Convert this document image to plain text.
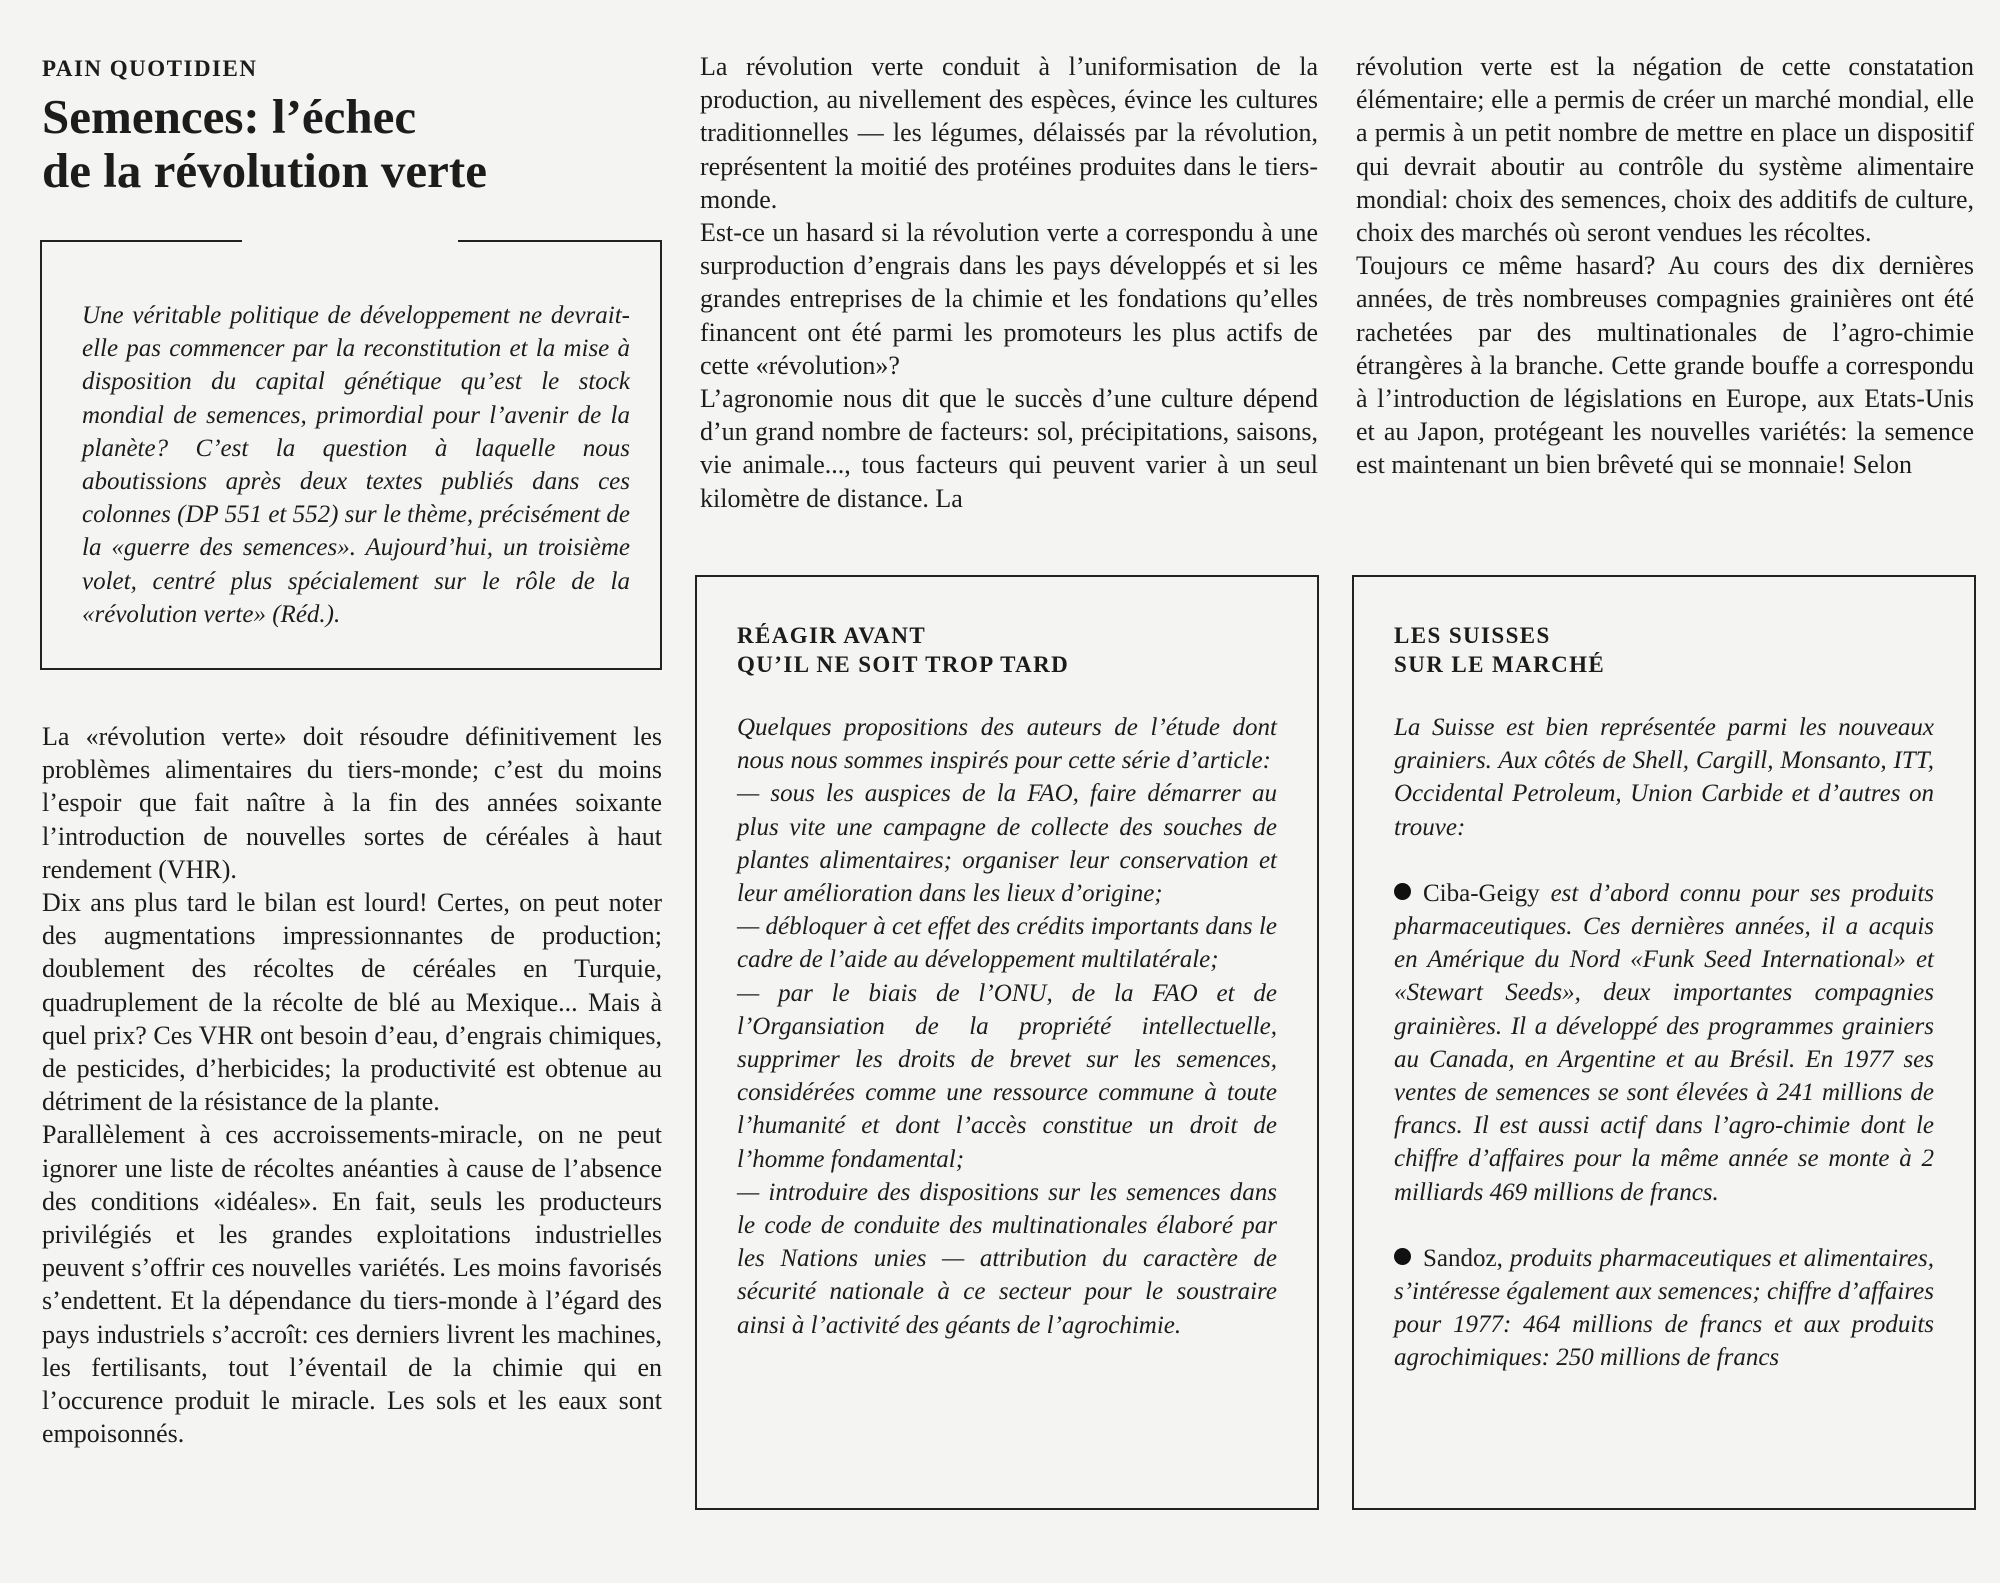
PAIN QUOTIDIEN
Semences: l’échec
de la révolution verte

Une véritable politique de développement ne devrait-elle pas commencer par la reconstitution et la mise à disposition du capital génétique qu’est le stock mondial de semences, primordial pour l’avenir de la planète? C’est la question à laquelle nous aboutissions après deux textes publiés dans ces colonnes (DP 551 et 552) sur le thème, précisément de la «guerre des semences». Aujourd’hui, un troisième volet, centré plus spécialement sur le rôle de la «révolution verte» (Réd.).

La «révolution verte» doit résoudre définitivement les problèmes alimentaires du tiers-monde; c’est du moins l’espoir que fait naître à la fin des années soixante l’introduction de nouvelles sortes de céréales à haut rendement (VHR).

Dix ans plus tard le bilan est lourd! Certes, on peut noter des augmentations impressionnantes de production; doublement des récoltes de céréales en Turquie, quadruplement de la récolte de blé au Mexique... Mais à quel prix? Ces VHR ont besoin d’eau, d’engrais chimiques, de pesticides, d’herbicides; la productivité est obtenue au détriment de la résistance de la plante.

Parallèlement à ces accroissements-miracle, on ne peut ignorer une liste de récoltes anéanties à cause de l’absence des conditions «idéales». En fait, seuls les producteurs privilégiés et les grandes exploitations industrielles peuvent s’offrir ces nouvelles variétés. Les moins favorisés s’endettent. Et la dépendance du tiers-monde à l’égard des pays industriels s’accroît: ces derniers livrent les machines, les fertilisants, tout l’éventail de la chimie qui en l’occurence produit le miracle. Les sols et les eaux sont empoisonnés.

La révolution verte conduit à l’uniformisation de la production, au nivellement des espèces, évince les cultures traditionnelles — les légumes, délaissés par la révolution, représentent la moitié des protéines produites dans le tiers-monde.

Est-ce un hasard si la révolution verte a correspondu à une surproduction d’engrais dans les pays développés et si les grandes entreprises de la chimie et les fondations qu’elles financent ont été parmi les promoteurs les plus actifs de cette «révolution»?

L’agronomie nous dit que le succès d’une culture dépend d’un grand nombre de facteurs: sol, précipitations, saisons, vie animale..., tous facteurs qui peuvent varier à un seul kilomètre de distance. La

révolution verte est la négation de cette constatation élémentaire; elle a permis de créer un marché mondial, elle a permis à un petit nombre de mettre en place un dispositif qui devrait aboutir au contrôle du système alimentaire mondial: choix des semences, choix des additifs de culture, choix des marchés où seront vendues les récoltes.

Toujours ce même hasard? Au cours des dix dernières années, de très nombreuses compagnies grainières ont été rachetées par des multinationales de l’agro-chimie étrangères à la branche. Cette grande bouffe a correspondu à l’introduction de législations en Europe, aux Etats-Unis et au Japon, protégeant les nouvelles variétés: la semence est maintenant un bien brêveté qui se monnaie! Selon

RÉAGIR AVANT
QU’IL NE SOIT TROP TARD

Quelques propositions des auteurs de l’étude dont nous nous sommes inspirés pour cette série d’article:

— sous les auspices de la FAO, faire démarrer au plus vite une campagne de collecte des souches de plantes alimentaires; organiser leur conservation et leur amélioration dans les lieux d’origine;

— débloquer à cet effet des crédits importants dans le cadre de l’aide au développement multilatérale;

— par le biais de l’ONU, de la FAO et de l’Organsiation de la propriété intellectuelle, supprimer les droits de brevet sur les semences, considérées comme une ressource commune à toute l’humanité et dont l’accès constitue un droit de l’homme fondamental;

— introduire des dispositions sur les semences dans le code de conduite des multinationales élaboré par les Nations unies — attribution du caractère de sécurité nationale à ce secteur pour le soustraire ainsi à l’activité des géants de l’agrochimie.

LES SUISSES
SUR LE MARCHÉ

La Suisse est bien représentée parmi les nouveaux grainiers. Aux côtés de Shell, Cargill, Monsanto, ITT, Occidental Petroleum, Union Carbide et d’autres on trouve:

Ciba-Geigy est d’abord connu pour ses produits pharmaceutiques. Ces dernières années, il a acquis en Amérique du Nord «Funk Seed International» et «Stewart Seeds», deux importantes compagnies grainières. Il a développé des programmes grainiers au Canada, en Argentine et au Brésil. En 1977 ses ventes de semences se sont élevées à 241 millions de francs. Il est aussi actif dans l’agro-chimie dont le chiffre d’affaires pour la même année se monte à 2 milliards 469 millions de francs.

Sandoz, produits pharmaceutiques et alimentaires, s’intéresse également aux semences; chiffre d’affaires pour 1977: 464 millions de francs et aux produits agrochimiques: 250 millions de francs
